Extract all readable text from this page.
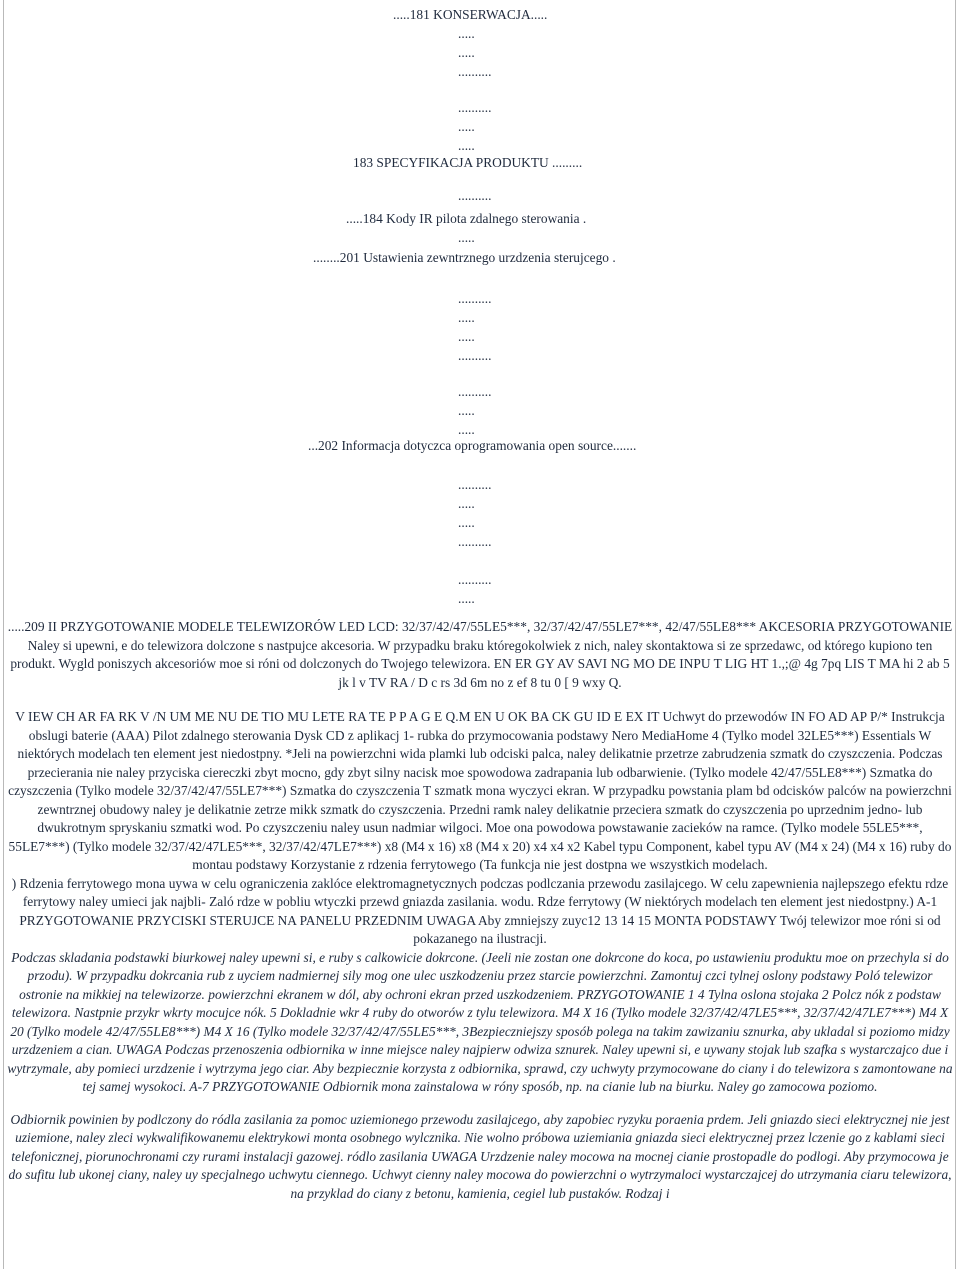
.....181 KONSERWACJA.....
.....
.....
..........
..........
.....
.....
183 SPECYFIKACJA PRODUKTU .........
..........
.....184 Kody IR pilota zdalnego sterowania .
.....
........201 Ustawienia zewntrznego urzdzenia sterujcego .
..........
.....
.....
..........
..........
.....
.....
...202 Informacja dotyczca oprogramowania open source.......
..........
.....
.....
..........
..........
.....

.....209 II PRZYGOTOWANIE MODELE TELEWIZORÓW LED LCD: 32/37/42/47/55LE5***, 32/37/42/47/55LE7***, 42/47/55LE8*** AKCESORIA PRZYGOTOWANIE Naley si upewni, e do telewizora dolczone s nastpujce akcesoria. W przypadku braku któregokolwiek z nich, naley skontaktowa si ze sprzedawc, od którego kupiono ten produkt. Wygld poniszych akcesoriów moe si róni od dolczonych do Twojego telewizora. EN ER GY AV SAVI NG MO DE INPU T LIG HT 1.,;@ 4g 7pq LIS T MA hi 2 ab 5 jk l v TV RA / D c rs 3d 6m no z ef 8 tu 0 [ 9 wxy Q.

V IEW CH AR FA RK V /N UM ME NU DE TIO MU LETE RA TE P P A G E Q.M EN U OK BA CK GU ID E EX IT Uchwyt do przewodów IN FO AD AP P/* Instrukcja obslugi baterie (AAA) Pilot zdalnego sterowania Dysk CD z aplikacj 1- rubka do przymocowania podstawy Nero MediaHome 4 (Tylko model 32LE5***) Essentials W niektórych modelach ten element jest niedostpny. *Jeli na powierzchni wida plamki lub odciski palca, naley delikatnie przetrze zabrudzenia szmatk do czyszczenia. Podczas przecierania nie naley przyciska ciereczki zbyt mocno, gdy zbyt silny nacisk moe spowodowa zadrapania lub odbarwienie. (Tylko modele 42/47/55LE8***) Szmatka do czyszczenia (Tylko modele 32/37/42/47/55LE7***) Szmatka do czyszczenia T szmatk mona wyczyci ekran. W przypadku powstania plam bd odcisków palców na powierzchni zewntrznej obudowy naley je delikatnie zetrze mikk szmatk do czyszczenia. Przedni ramk naley delikatnie przeciera szmatk do czyszczenia po uprzednim jedno- lub dwukrotnym spryskaniu szmatki wod. Po czyszczeniu naley usun nadmiar wilgoci. Moe ona powodowa powstawanie zacieków na ramce. (Tylko modele 55LE5***, 55LE7***) (Tylko modele 32/37/42/47LE5***, 32/37/42/47LE7***) x8 (M4 x 16) x8 (M4 x 20) x4 x4 x2 Kabel typu Component, kabel typu AV (M4 x 24) (M4 x 16) ruby do montau podstawy Korzystanie z rdzenia ferrytowego (Ta funkcja nie jest dostpna we wszystkich modelach.

) Rdzenia ferrytowego mona uywa w celu ograniczenia zaklóce elektromagnetycznych podczas podlczania przewodu zasilajcego. W celu zapewnienia najlepszego efektu rdze ferrytowy naley umieci jak najbli- Zaló rdze w pobliu wtyczki przewd gniazda zasilania. wodu. Rdze ferrytowy (W niektórych modelach ten element jest niedostpny.) A-1 PRZYGOTOWANIE PRZYCISKI STERUJCE NA PANELU PRZEDNIM UWAGA Aby zmniejszy zuyc12 13 14 15 MONTA PODSTAWY Twój telewizor moe róni si od pokazanego na ilustracji.

Podczas skladania podstawki biurkowej naley upewni si, e ruby s calkowicie dokrcone. (Jeeli nie zostan one dokrcone do koca, po ustawieniu produktu moe on przechyla si do przodu). W przypadku dokrcania rub z uyciem nadmiernej sily mog one ulec uszkodzeniu przez starcie powierzchni. Zamontuj czci tylnej oslony podstawy Poló telewizor ostronie na mikkiej na telewizorze. powierzchni ekranem w dól, aby ochroni ekran przed uszkodzeniem. PRZYGOTOWANIE 1 4 Tylna oslona stojaka 2 Polcz nók z podstaw telewizora. Nastpnie przykr wkrty mocujce nók. 5 Dokladnie wkr 4 ruby do otworów z tylu telewizora. M4 X 16 (Tylko modele 32/37/42/47LE5***, 32/37/42/47LE7***) M4 X 20 (Tylko modele 42/47/55LE8***) M4 X 16 (Tylko modele 32/37/42/47/55LE5***, 3Bezpieczniejszy sposób polega na takim zawizaniu sznurka, aby ukladal si poziomo midzy urzdzeniem a cian. UWAGA Podczas przenoszenia odbiornika w inne miejsce naley najpierw odwiza sznurek. Naley upewni si, e uywany stojak lub szafka s wystarczajco due i wytrzymale, aby pomieci urzdzenie i wytrzyma jego ciar. Aby bezpiecznie korzysta z odbiornika, sprawd, czy uchwyty przymocowane do ciany i do telewizora s zamontowane na tej samej wysokoci. A-7 PRZYGOTOWANIE Odbiornik mona zainstalowa w róny sposób, np. na cianie lub na biurku. Naley go zamocowa poziomo.

Odbiornik powinien by podlczony do ródla zasilania za pomoc uziemionego przewodu zasilajcego, aby zapobiec ryzyku poraenia prdem. Jeli gniazdo sieci elektrycznej nie jest uziemione, naley zleci wykwalifikowanemu elektrykowi monta osobnego wylcznika. Nie wolno próbowa uziemiania gniazda sieci elektrycznej przez lczenie go z kablami sieci telefonicznej, piorunochronami czy rurami instalacji gazowej. ródlo zasilania UWAGA Urzdzenie naley mocowa na mocnej cianie prostopadle do podlogi. Aby przymocowa je do sufitu lub ukonej ciany, naley uy specjalnego uchwytu ciennego. Uchwyt cienny naley mocowa do powierzchni o wytrzymaloci wystarczajcej do utrzymania ciaru telewizora, na przyklad do ciany z betonu, kamienia, cegiel lub pustaków. Rodzaj i
